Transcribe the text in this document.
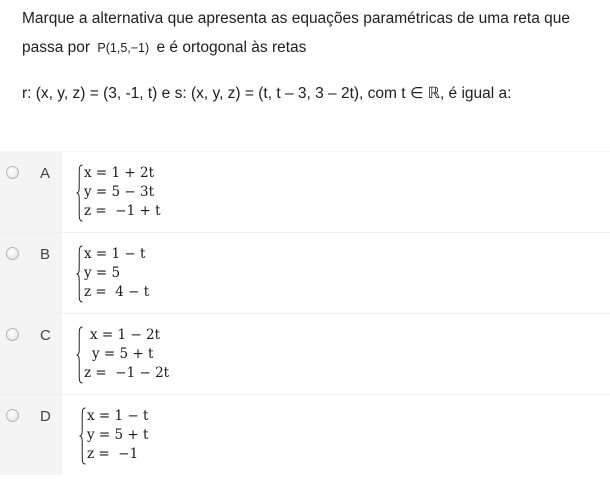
Marque a alternativa que apresenta as equações paramétricas de uma reta que
passa por P(1,5,−1) e é ortogonal às retas
r: (x, y, z) = (3, -1, t) e s: (x, y, z) = (t, t – 3, 3 – 2t), com t ∈ ℝ, é igual a:
A	x = 1 + 2t
y = 5 − 3t
z =  −1 + t
B	x = 1 − t
y = 5
z =  4 − t
C	x = 1 − 2t
y = 5 + t
z =  −1 − 2t
D	x = 1 − t
y = 5 + t
z =  −1
